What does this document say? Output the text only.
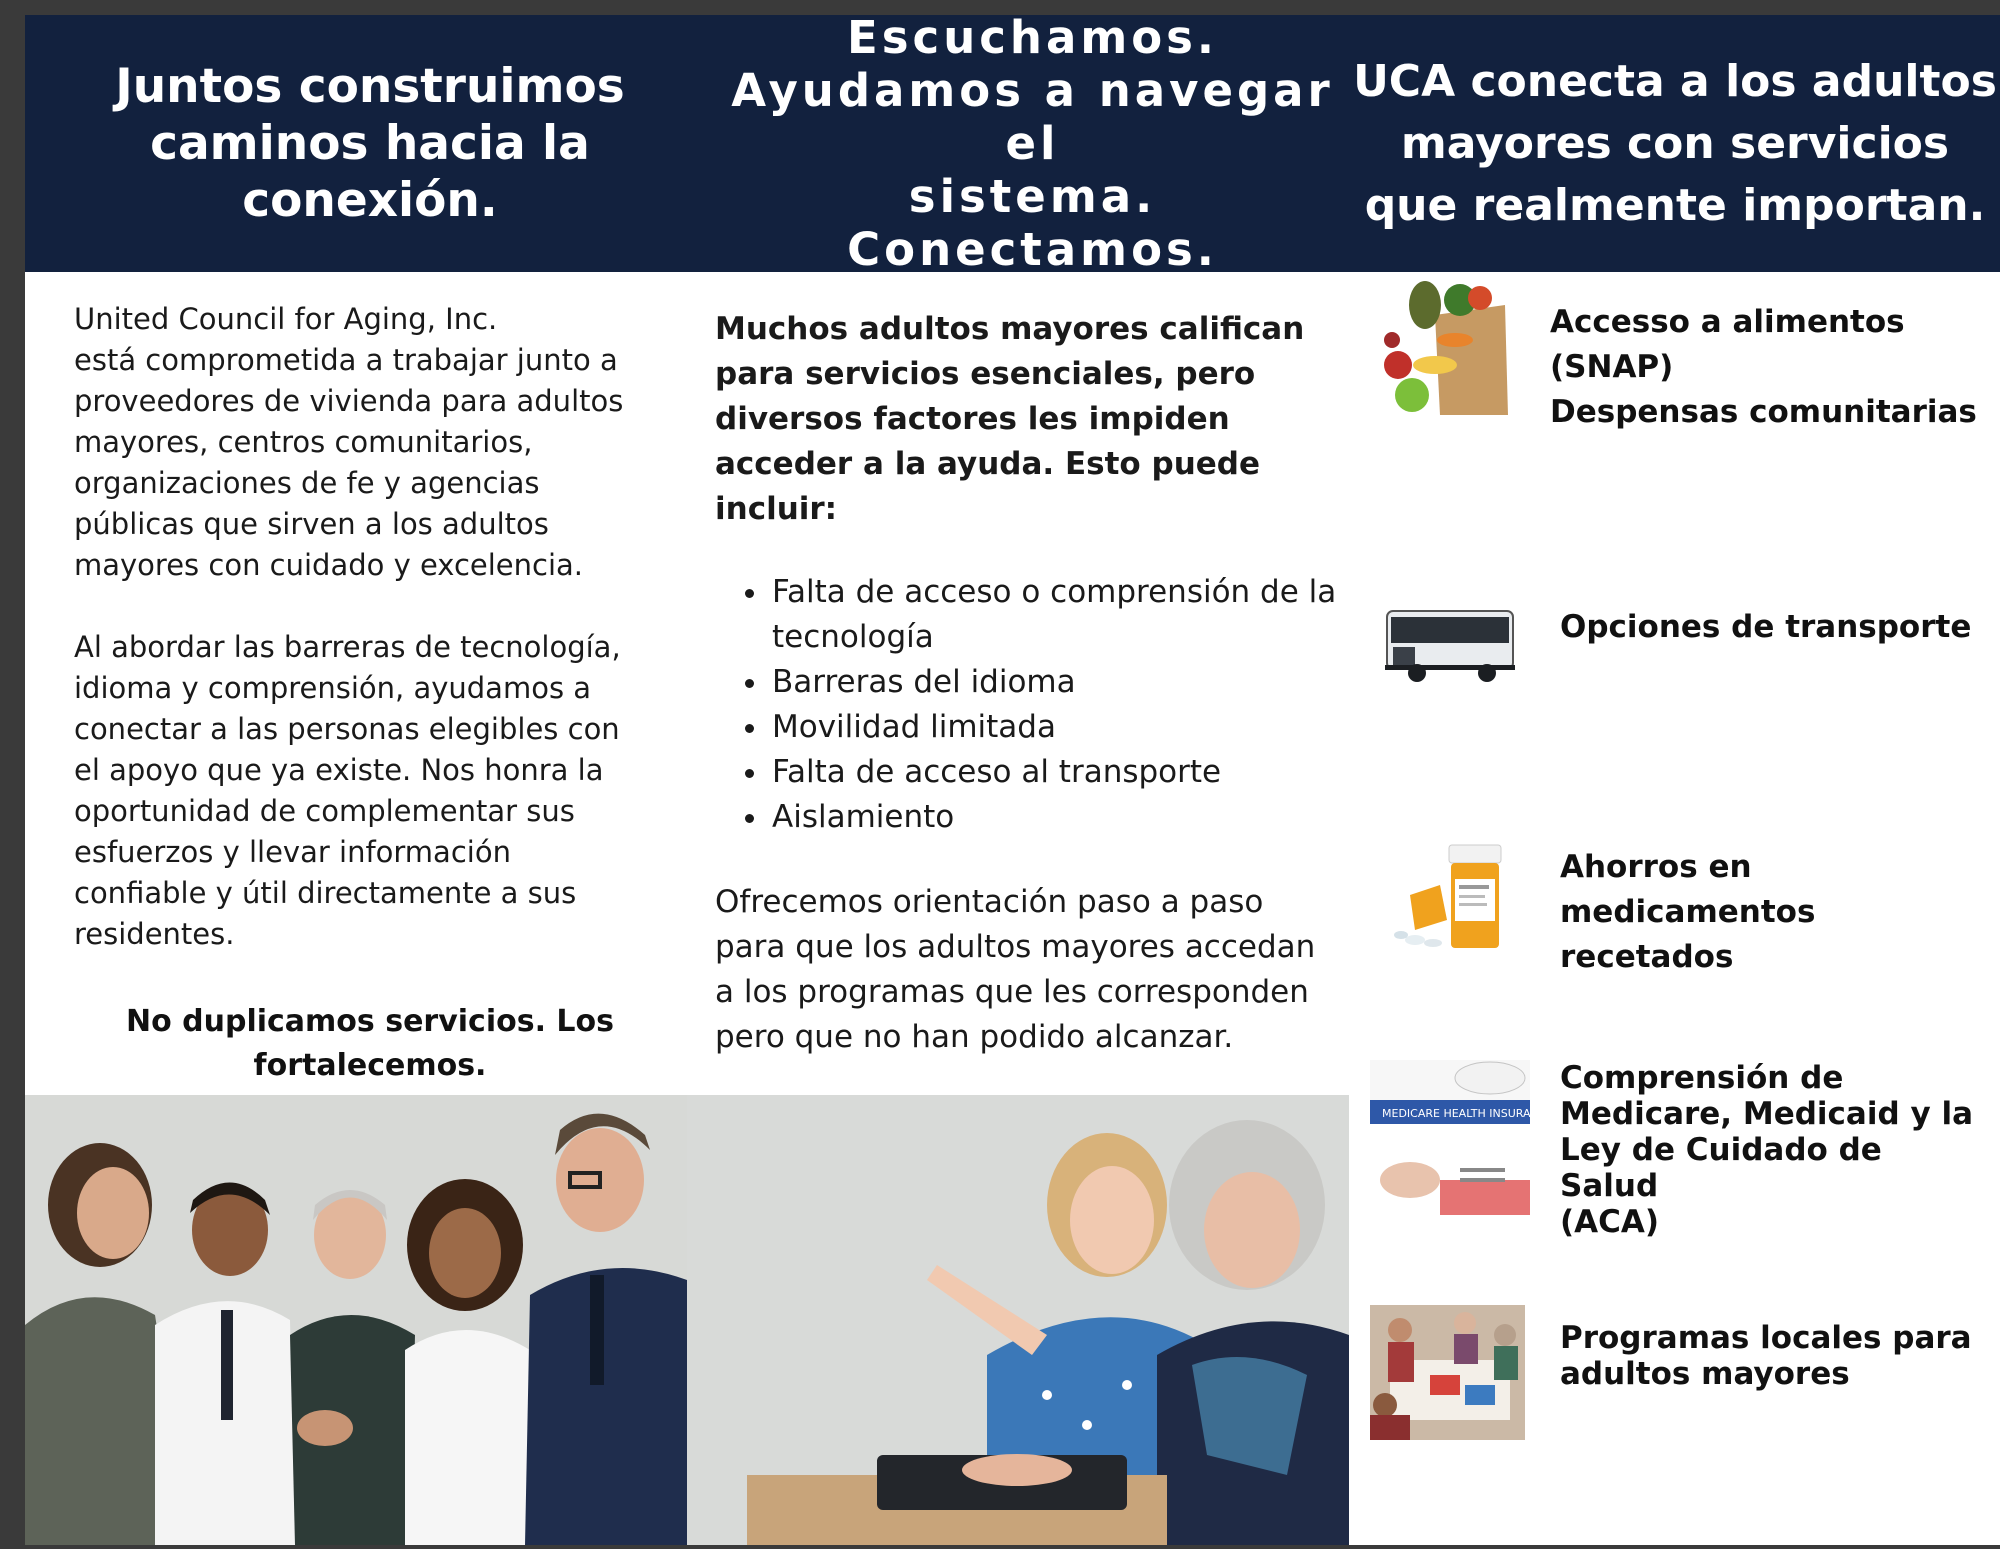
Juntos construimos
caminos hacia la
conexión.
Escuchamos.
Ayudamos a navegar el
sistema.
Conectamos.
UCA conecta a los adultos
mayores con servicios
que realmente importan.

United Council for Aging, Inc.
está comprometida a trabajar junto a
proveedores de vivienda para adultos
mayores, centros comunitarios,
organizaciones de fe y agencias
públicas que sirven a los adultos
mayores con cuidado y excelencia.

Al abordar las barreras de tecnología,
idioma y comprensión, ayudamos a
conectar a las personas elegibles con
el apoyo que ya existe. Nos honra la
oportunidad de complementar sus
esfuerzos y llevar información
confiable y útil directamente a sus
residentes.

No duplicamos servicios. Los
fortalecemos.

Muchos adultos mayores califican
para servicios esenciales, pero
diversos factores les impiden
acceder a la ayuda. Esto puede
incluir:

• Falta de acceso o comprensión de la tecnología
• Barreras del idioma
• Movilidad limitada
• Falta de acceso al transporte
• Aislamiento

Ofrecemos orientación paso a paso
para que los adultos mayores accedan
a los programas que les corresponden
pero que no han podido alcanzar.

Accesso a alimentos (SNAP)
Despensas comunitarias
Opciones de transporte
Ahorros en medicamentos
recetados
MEDICARE HEALTH INSURANCE
Comprensión de
Medicare, Medicaid y la
Ley de Cuidado de Salud
(ACA)
Programas locales para
adultos mayores
